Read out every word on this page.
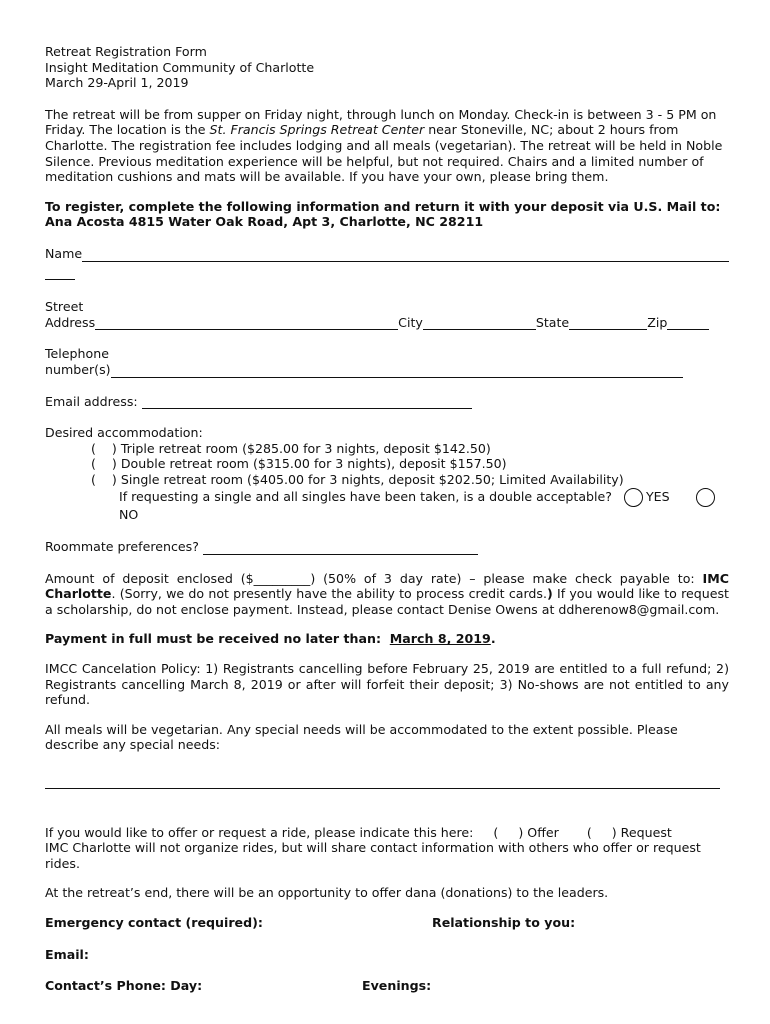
Retreat Registration Form
Insight Meditation Community of Charlotte
March 29-April 1, 2019

The retreat will be from supper on Friday night, through lunch on Monday. Check-in is between 3 - 5 PM on Friday. The location is the St. Francis Springs Retreat Center near Stoneville, NC; about 2 hours from Charlotte. The registration fee includes lodging and all meals (vegetarian). The retreat will be held in Noble Silence. Previous meditation experience will be helpful, but not required. Chairs and a limited number of meditation cushions and mats will be available. If you have your own, please bring them.

To register, complete the following information and return it with your deposit via U.S. Mail to: Ana Acosta 4815 Water Oak Road, Apt 3, Charlotte, NC 28211

Name
Street
Address	City	State	Zip
Telephone
number(s)
Email address:
Desired accommodation:
(    ) Triple retreat room ($285.00 for 3 nights, deposit $142.50)
(    ) Double retreat room ($315.00 for 3 nights), deposit $157.50)
(    ) Single retreat room ($405.00 for 3 nights, deposit $202.50; Limited Availability)
If requesting a single and all singles have been taken, is a double acceptable?	YESNO
Roommate preferences?

Amount of deposit enclosed ($_________) (50% of 3 day rate) – please make check payable to: IMC Charlotte. (Sorry, we do not presently have the ability to process credit cards.) If you would like to request a scholarship, do not enclose payment. Instead, please contact Denise Owens at ddherenow8@gmail.com.

Payment in full must be received no later than:  March 8, 2019.

IMCC Cancelation Policy: 1) Registrants cancelling before February 25, 2019 are entitled to a full refund; 2) Registrants cancelling March 8, 2019 or after will forfeit their deposit; 3) No-shows are not entitled to any refund.

All meals will be vegetarian. Any special needs will be accommodated to the extent possible. Please describe any special needs:

If you would like to offer or request a ride, please indicate this here:     (     ) Offer       (     ) Request
IMC Charlotte will not organize rides, but will share contact information with others who offer or request rides.

At the retreat’s end, there will be an opportunity to offer dana (donations) to the leaders.

Emergency contact (required):	Relationship to you:
Email:
Contact’s Phone: Day:	Evenings:
